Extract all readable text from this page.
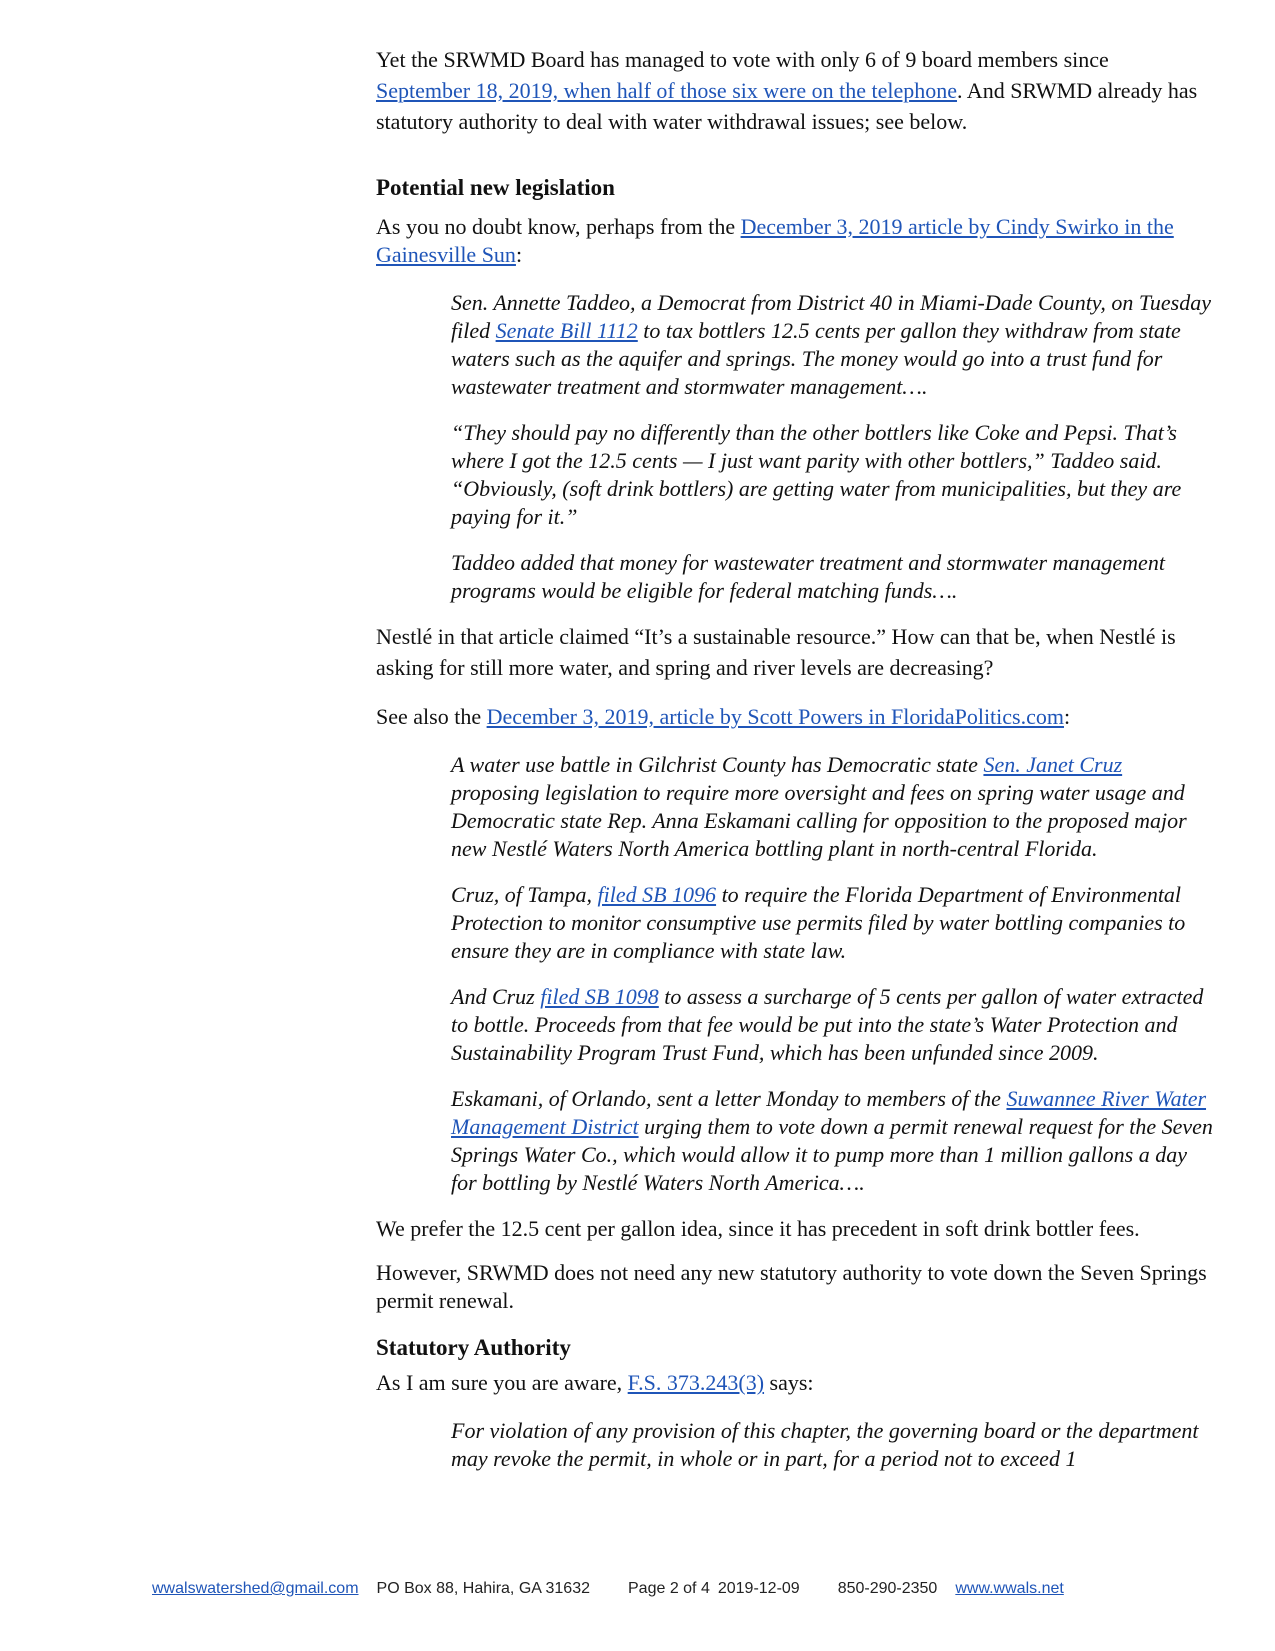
Yet the SRWMD Board has managed to vote with only 6 of 9 board members since
September 18, 2019, when half of those six were on the telephone. And SRWMD already has statutory authority to deal with water withdrawal issues; see below.

Potential new legislation

As you no doubt know, perhaps from the December 3, 2019 article by Cindy Swirko in the Gainesville Sun:

Sen. Annette Taddeo, a Democrat from District 40 in Miami-Dade County, on Tuesday filed Senate Bill 1112 to tax bottlers 12.5 cents per gallon they withdraw from state waters such as the aquifer and springs. The money would go into a trust fund for wastewater treatment and stormwater management….

“They should pay no differently than the other bottlers like Coke and Pepsi. That’s where I got the 12.5 cents — I just want parity with other bottlers,” Taddeo said. “Obviously, (soft drink bottlers) are getting water from municipalities, but they are paying for it.”

Taddeo added that money for wastewater treatment and stormwater management programs would be eligible for federal matching funds….

Nestlé in that article claimed “It’s a sustainable resource.” How can that be, when Nestlé is asking for still more water, and spring and river levels are decreasing?

See also the December 3, 2019, article by Scott Powers in FloridaPolitics.com:

A water use battle in Gilchrist County has Democratic state Sen. Janet Cruz proposing legislation to require more oversight and fees on spring water usage and Democratic state Rep. Anna Eskamani calling for opposition to the proposed major new Nestlé Waters North America bottling plant in north-central Florida.

Cruz, of Tampa, filed SB 1096 to require the Florida Department of Environmental Protection to monitor consumptive use permits filed by water bottling companies to ensure they are in compliance with state law.

And Cruz filed SB 1098 to assess a surcharge of 5 cents per gallon of water extracted to bottle. Proceeds from that fee would be put into the state’s Water Protection and Sustainability Program Trust Fund, which has been unfunded since 2009.

Eskamani, of Orlando, sent a letter Monday to members of the Suwannee River Water Management District urging them to vote down a permit renewal request for the Seven Springs Water Co., which would allow it to pump more than 1 million gallons a day for bottling by Nestlé Waters North America….

We prefer the 12.5 cent per gallon idea, since it has precedent in soft drink bottler fees.

However, SRWMD does not need any new statutory authority to vote down the Seven Springs permit renewal.

Statutory Authority

As I am sure you are aware, F.S. 373.243(3) says:

For violation of any provision of this chapter, the governing board or the department may revoke the permit, in whole or in part, for a period not to exceed 1

wwalswatershed@gmail.com PO Box 88, Hahira, GA 31632 Page 2 of 4 2019-12-09 850-290-2350 www.wwals.net
